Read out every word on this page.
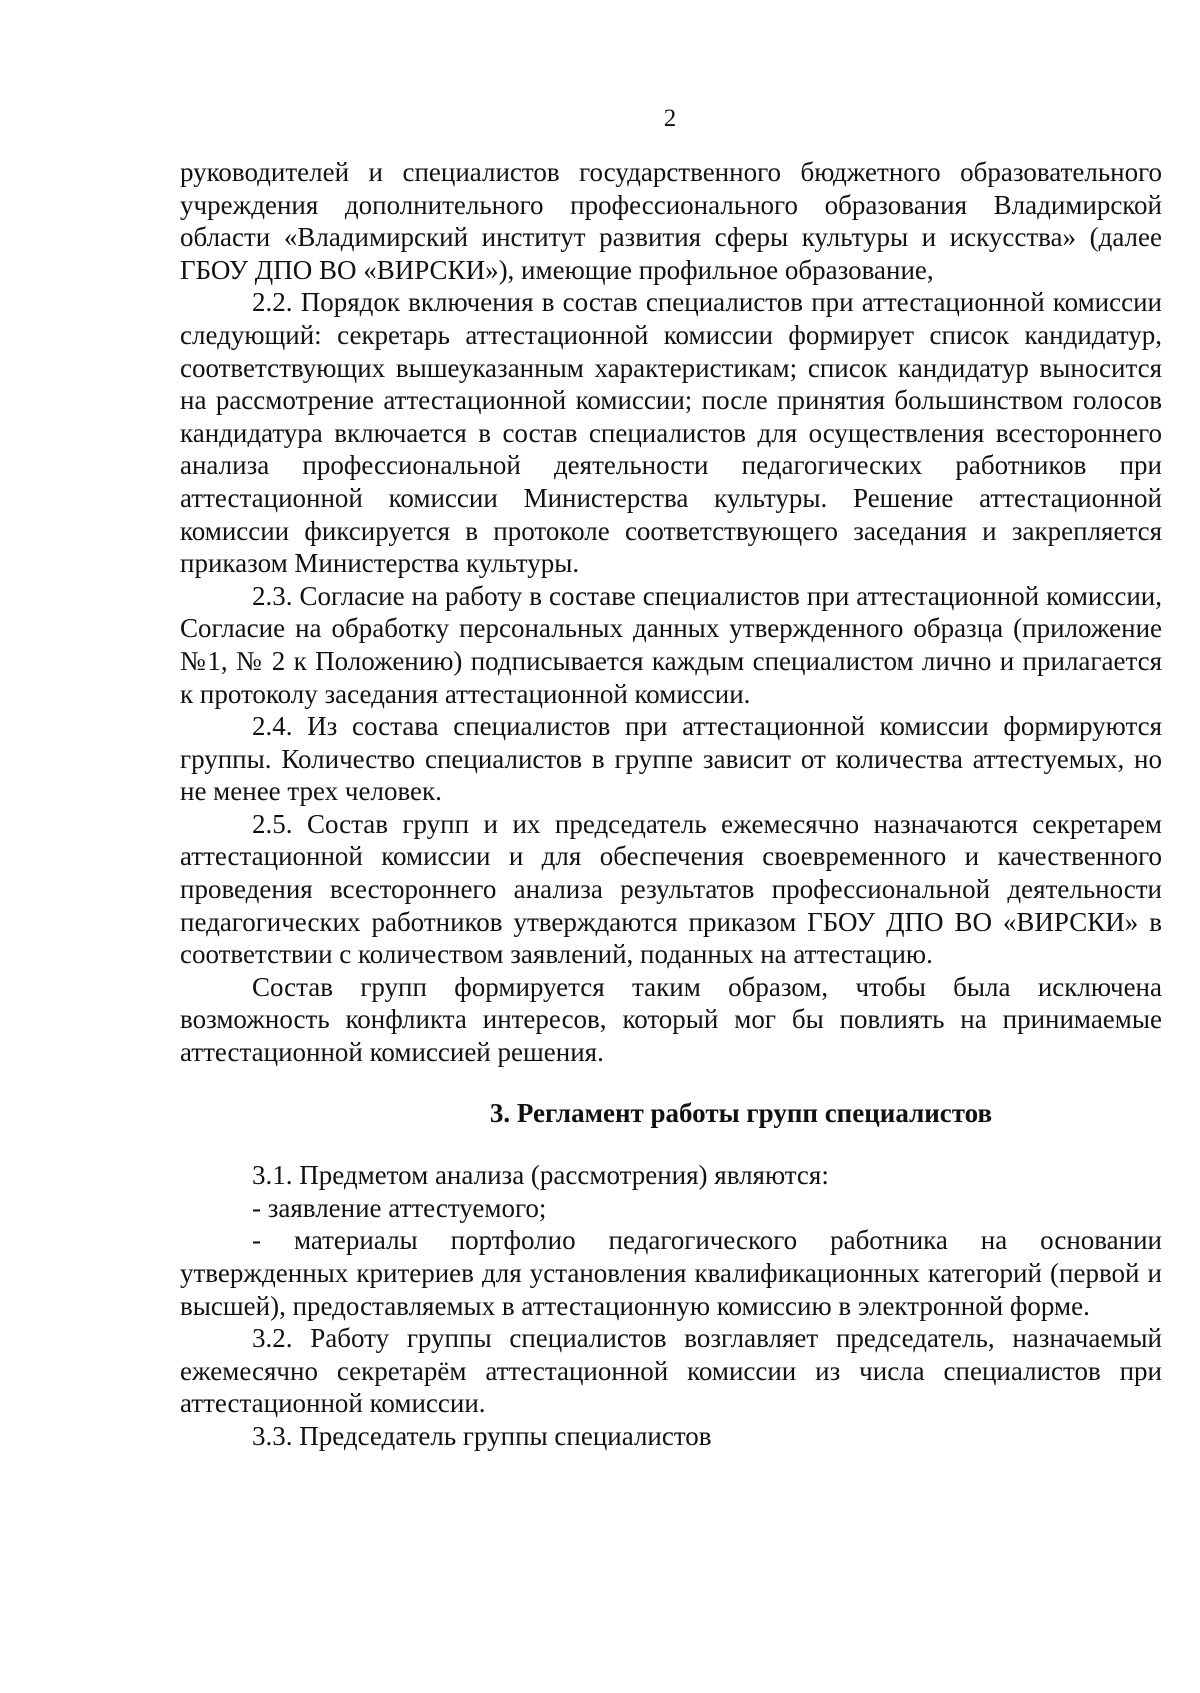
2

руководителей и специалистов государственного бюджетного образовательного учреждения дополнительного профессионального образования Владимирской области «Владимирский институт развития сферы культуры и искусства» (далее ГБОУ ДПО ВО «ВИРСКИ»), имеющие профильное образование,

2.2. Порядок включения в состав специалистов при аттестационной комиссии следующий: секретарь аттестационной комиссии формирует список кандидатур, соответствующих вышеуказанным характеристикам; список кандидатур выносится на рассмотрение аттестационной комиссии; после принятия большинством голосов кандидатура включается в состав специалистов для осуществления всестороннего анализа профессиональной деятельности педагогических работников при аттестационной комиссии Министерства культуры. Решение аттестационной комиссии фиксируется в протоколе соответствующего заседания и закрепляется приказом Министерства культуры.

2.3. Согласие на работу в составе специалистов при аттестационной комиссии, Согласие на обработку персональных данных утвержденного образца (приложение №1, № 2 к Положению) подписывается каждым специалистом лично и прилагается к протоколу заседания аттестационной комиссии.

2.4. Из состава специалистов при аттестационной комиссии формируются группы. Количество специалистов в группе зависит от количества аттестуемых, но не менее трех человек.

2.5. Состав групп и их председатель ежемесячно назначаются секретарем аттестационной комиссии и для обеспечения своевременного и качественного проведения всестороннего анализа результатов профессиональной деятельности педагогических работников утверждаются приказом ГБОУ ДПО ВО «ВИРСКИ» в соответствии с количеством заявлений, поданных на аттестацию.

Состав групп формируется таким образом, чтобы была исключена возможность конфликта интересов, который мог бы повлиять на принимаемые аттестационной комиссией решения.

3. Регламент работы групп специалистов

3.1. Предметом анализа (рассмотрения) являются:

- заявление аттестуемого;

- материалы портфолио педагогического работника на основании утвержденных критериев для установления квалификационных категорий (первой и высшей), предоставляемых в аттестационную комиссию в электронной форме.

3.2. Работу группы специалистов возглавляет председатель, назначаемый ежемесячно секретарём аттестационной комиссии из числа специалистов при аттестационной комиссии.

3.3. Председатель группы специалистов
